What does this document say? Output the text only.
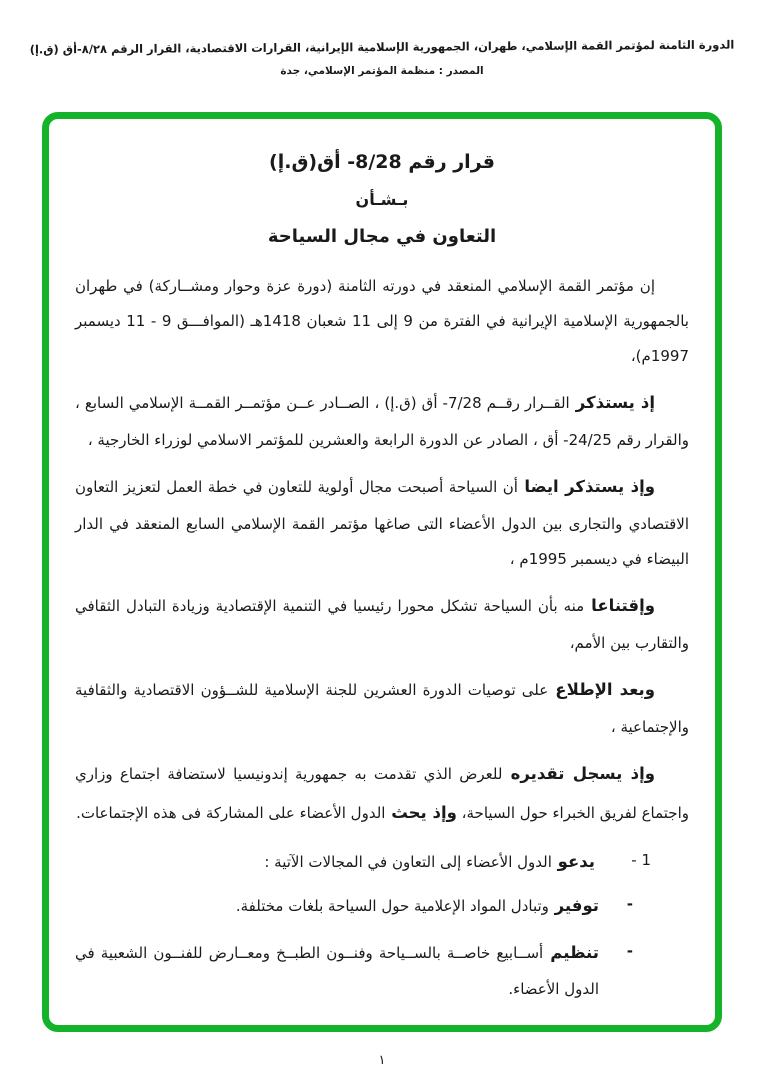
الدورة الثامنة لمؤتمر القمة الإسلامي، طهران، الجمهورية الإسلامية الإيرانية، القرارات الاقتصادية، القرار الرقم ٨/٢٨-أق (ق.إ)
المصدر : منظمة المؤتمر الإسلامي، جدة
قرار رقم 8/28- أق(ق.إ)
بـشـأن
التعاون في مجال السياحة

إن مؤتمر القمة الإسلامي المنعقد في دورته الثامنة (دورة عزة وحوار ومشــاركة) في طهران بالجمهورية الإسلامية الإيرانية في الفترة من 9 إلى 11 شعبان 1418هـ (الموافـــق 9 - 11 ديسمبر 1997م)،

إذ يستذكر القــرار رقــم 7/28- أق (ق.إ) ، الصــادر عــن مؤتمــر القمــة الإسلامي السابع ، والقرار رقم 24/25- أق ، الصادر عن الدورة الرابعة والعشرين للمؤتمر الاسلامي لوزراء الخارجية ،

وإذ يستذكر ايضا أن السياحة أصبحت مجال أولوية للتعاون في خطة العمل لتعزيز التعاون الاقتصادي والتجارى بين الدول الأعضاء التى صاغها مؤتمر القمة الإسلامي السابع المنعقد في الدار البيضاء في ديسمبر 1995م ،

وإقتناعا منه بأن السياحة تشكل محورا رئيسيا في التنمية الإقتصادية وزيادة التبادل الثقافي والتقارب بين الأمم،

وبعد الإطلاع على توصيات الدورة العشرين للجنة الإسلامية للشــؤون الاقتصادية والثقافية والإجتماعية ،

وإذ يسجل تقديره للعرض الذي تقدمت به جمهورية إندونيسيا لاستضافة اجتماع وزاري واجتماع لفريق الخبراء حول السياحة، وإذ يحث الدول الأعضاء على المشاركة فى هذه الإجتماعات.

1 -
يدعو الدول الأعضاء إلى التعاون في المجالات الآتية :
-
توفير وتبادل المواد الإعلامية حول السياحة بلغات مختلفة.
-
تنظيم أســابيع خاصــة بالســياحة وفنــون الطبــخ ومعــارض للفنــون الشعبية في الدول الأعضاء.
١
